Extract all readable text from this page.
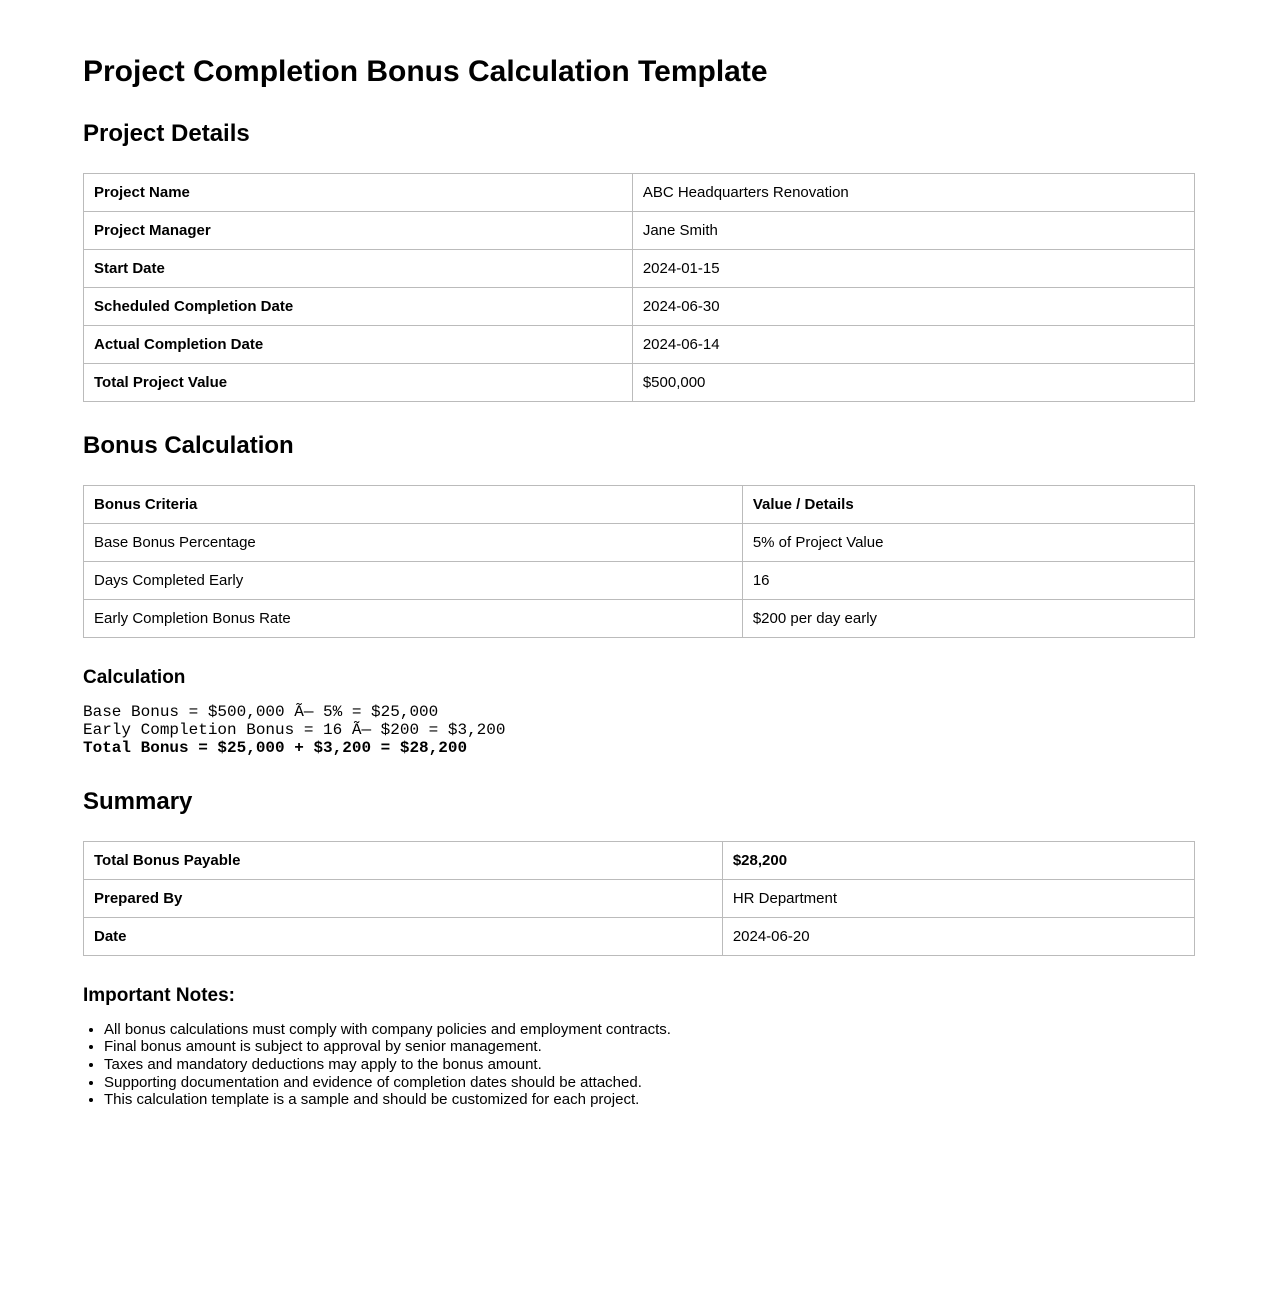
Project Completion Bonus Calculation Template
Project Details
Project Name	ABC Headquarters Renovation
Project Manager	Jane Smith
Start Date	2024-01-15
Scheduled Completion Date	2024-06-30
Actual Completion Date	2024-06-14
Total Project Value	$500,000
Bonus Calculation
Bonus Criteria	Value / Details
Base Bonus Percentage	5% of Project Value
Days Completed Early	16
Early Completion Bonus Rate	$200 per day early
Calculation
Base Bonus = $500,000 Ã— 5% = $25,000
Early Completion Bonus = 16 Ã— $200 = $3,200
Total Bonus = $25,000 + $3,200 = $28,200
Summary
Total Bonus Payable	$28,200
Prepared By	HR Department
Date	2024-06-20
Important Notes:
• All bonus calculations must comply with company policies and employment contracts.
• Final bonus amount is subject to approval by senior management.
• Taxes and mandatory deductions may apply to the bonus amount.
• Supporting documentation and evidence of completion dates should be attached.
• This calculation template is a sample and should be customized for each project.
